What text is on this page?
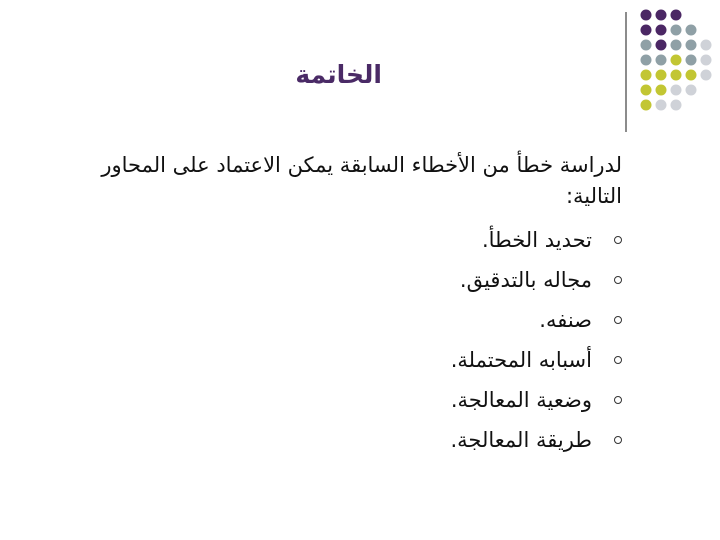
الخاتمة
لدراسة خطأ من الأخطاء السابقة يمكن الاعتماد على المحاور التالية:
تحديد الخطأ.
مجاله بالتدقيق.
صنفه.
أسبابه المحتملة.
وضعية المعالجة.
طريقة المعالجة.
